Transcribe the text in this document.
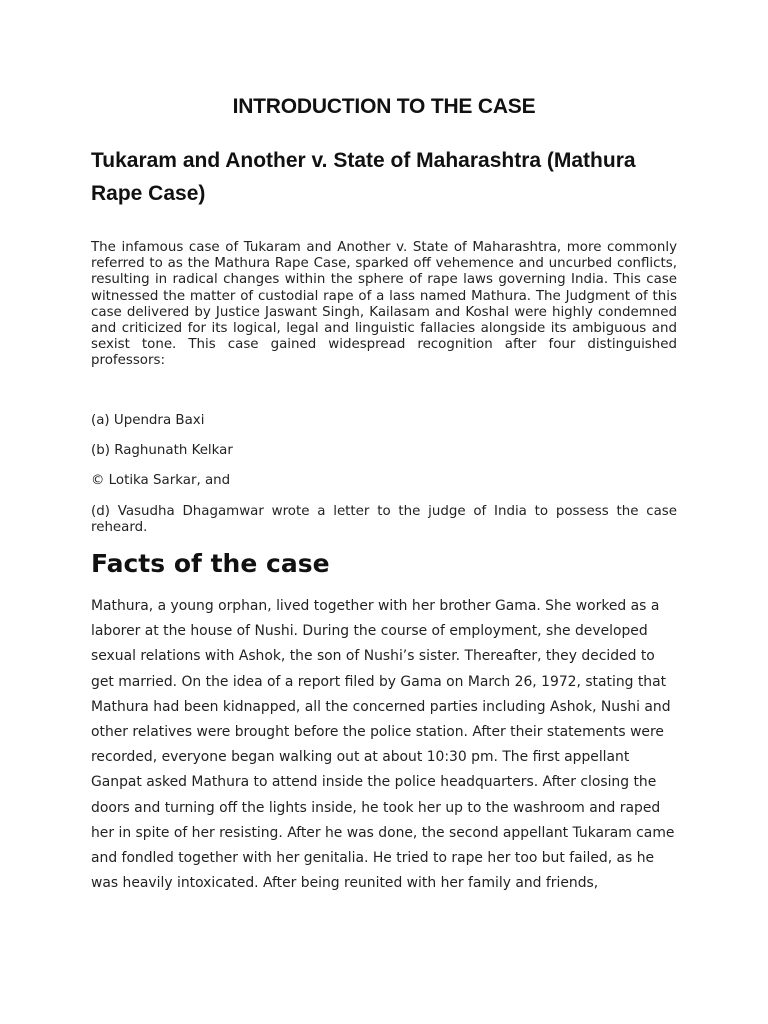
INTRODUCTION TO THE CASE
Tukaram and Another v. State of Maharashtra (Mathura Rape Case)

The infamous case of Tukaram and Another v. State of Maharashtra, more commonly referred to as the Mathura Rape Case, sparked off vehemence and uncurbed conflicts, resulting in radical changes within the sphere of rape laws governing India. This case witnessed the matter of custodial rape of a lass named Mathura. The Judgment of this case delivered by Justice Jaswant Singh, Kailasam and Koshal were highly condemned and criticized for its logical, legal and linguistic fallacies alongside its ambiguous and sexist tone. This case gained widespread recognition after four distinguished professors:

(a) Upendra Baxi
(b) Raghunath Kelkar
© Lotika Sarkar, and
(d) Vasudha Dhagamwar wrote a letter to the judge of India to possess the case reheard.
Facts of the case

Mathura, a young orphan, lived together with her brother Gama. She worked as a laborer at the house of Nushi. During the course of employment, she developed sexual relations with Ashok, the son of Nushi’s sister. Thereafter, they decided to get married. On the idea of a report filed by Gama on March 26, 1972, stating that Mathura had been kidnapped, all the concerned parties including Ashok, Nushi and other relatives were brought before the police station. After their statements were recorded, everyone began walking out at about 10:30 pm. The first appellant Ganpat asked Mathura to attend inside the police headquarters. After closing the doors and turning off the lights inside, he took her up to the washroom and raped her in spite of her resisting. After he was done, the second appellant Tukaram came and fondled together with her genitalia. He tried to rape her too but failed, as he was heavily intoxicated. After being reunited with her family and friends,
